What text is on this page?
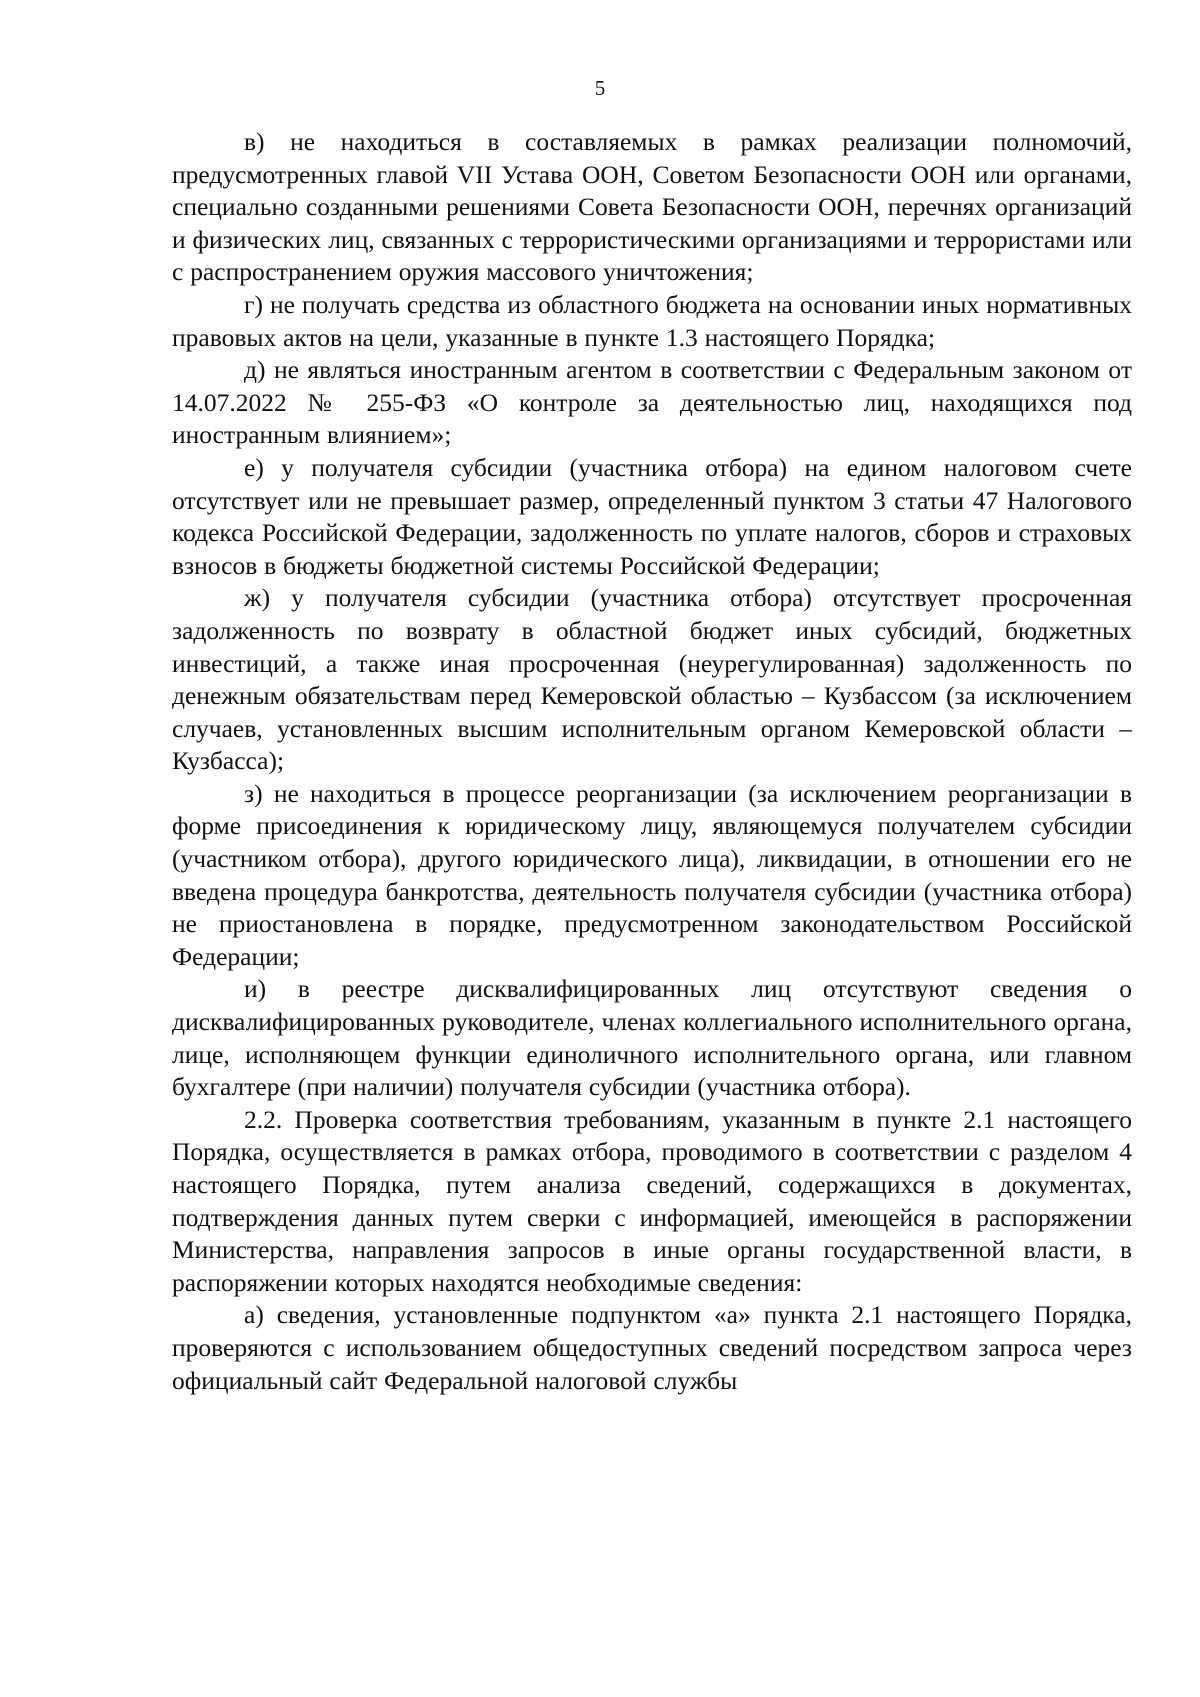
5

в) не находиться в составляемых в рамках реализации полномочий, предусмотренных главой VII Устава ООН, Советом Безопасности ООН или органами, специально созданными решениями Совета Безопасности ООН, перечнях организаций и физических лиц, связанных с террористическими организациями и террористами или с распространением оружия массового уничтожения;

г) не получать средства из областного бюджета на основании иных нормативных правовых актов на цели, указанные в пункте 1.3 настоящего Порядка;

д) не являться иностранным агентом в соответствии с Федеральным законом от 14.07.2022 № 255-ФЗ «О контроле за деятельностью лиц, находящихся под иностранным влиянием»;

е) у получателя субсидии (участника отбора) на едином налоговом счете отсутствует или не превышает размер, определенный пунктом 3 статьи 47 Налогового кодекса Российской Федерации, задолженность по уплате налогов, сборов и страховых взносов в бюджеты бюджетной системы Российской Федерации;

ж) у получателя субсидии (участника отбора) отсутствует просроченная задолженность по возврату в областной бюджет иных субсидий, бюджетных инвестиций, а также иная просроченная (неурегулированная) задолженность по денежным обязательствам перед Кемеровской областью – Кузбассом (за исключением случаев, установленных высшим исполнительным органом Кемеровской области – Кузбасса);

з) не находиться в процессе реорганизации (за исключением реорганизации в форме присоединения к юридическому лицу, являющемуся получателем субсидии (участником отбора), другого юридического лица), ликвидации, в отношении его не введена процедура банкротства, деятельность получателя субсидии (участника отбора) не приостановлена в порядке, предусмотренном законодательством Российской Федерации;

и) в реестре дисквалифицированных лиц отсутствуют сведения о дисквалифицированных руководителе, членах коллегиального исполнительного органа, лице, исполняющем функции единоличного исполнительного органа, или главном бухгалтере (при наличии) получателя субсидии (участника отбора).

2.2. Проверка соответствия требованиям, указанным в пункте 2.1 настоящего Порядка, осуществляется в рамках отбора, проводимого в соответствии с разделом 4 настоящего Порядка, путем анализа сведений, содержащихся в документах, подтверждения данных путем сверки с информацией, имеющейся в распоряжении Министерства, направления запросов в иные органы государственной власти, в распоряжении которых находятся необходимые сведения:

а) сведения, установленные подпунктом «а» пункта 2.1 настоящего Порядка, проверяются с использованием общедоступных сведений посредством запроса через официальный сайт Федеральной налоговой службы
